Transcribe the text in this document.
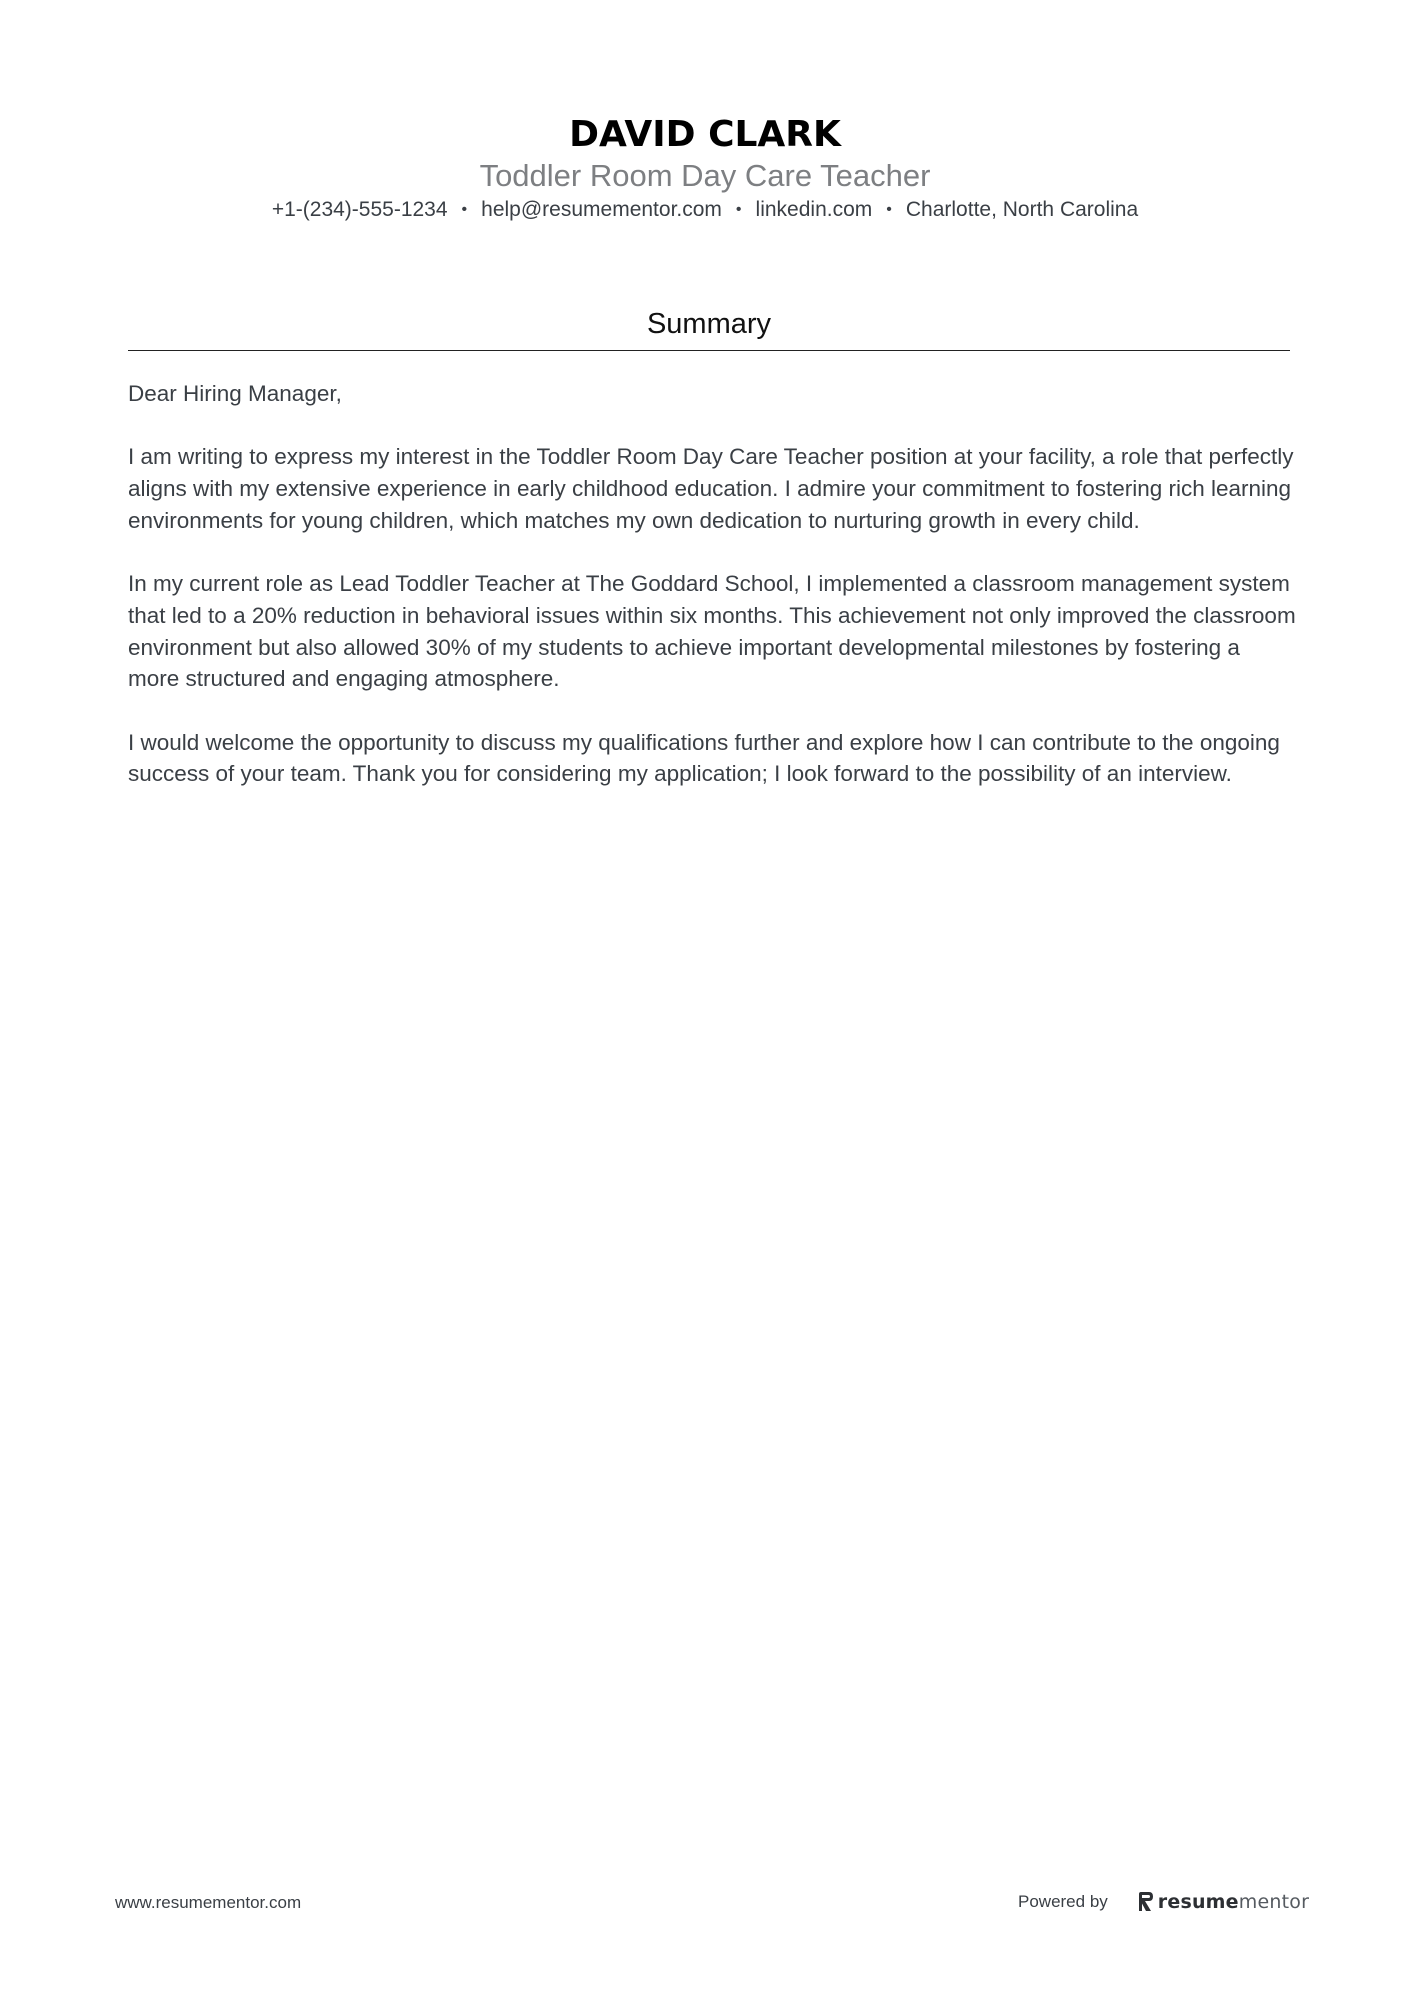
DAVID CLARK
Toddler Room Day Care Teacher
+1-(234)-555-1234 • help@resumementor.com • linkedin.com • Charlotte, North Carolina
Summary

Dear Hiring Manager,

I am writing to express my interest in the Toddler Room Day Care Teacher position at your facility, a role that perfectly aligns with my extensive experience in early childhood education. I admire your commitment to fostering rich learning environments for young children, which matches my own dedication to nurturing growth in every child.

In my current role as Lead Toddler Teacher at The Goddard School, I implemented a classroom management system that led to a 20% reduction in behavioral issues within six months. This achievement not only improved the classroom environment but also allowed 30% of my students to achieve important developmental milestones by fostering a more structured and engaging atmosphere.

I would welcome the opportunity to discuss my qualifications further and explore how I can contribute to the ongoing success of your team. Thank you for considering my application; I look forward to the possibility of an interview.

www.resumementor.com	Powered by	resumementor
